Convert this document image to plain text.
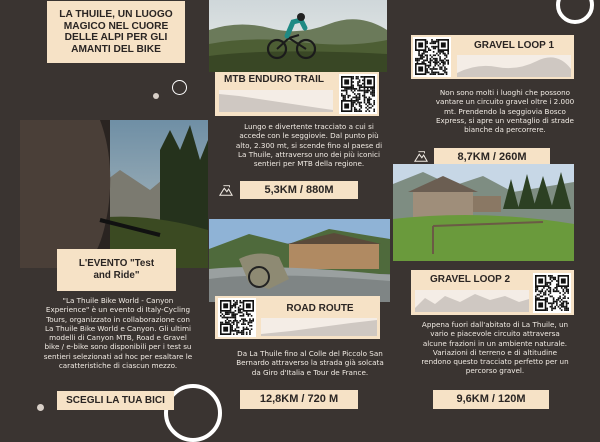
LA THUILE, UN LUOGO MAGICO NEL CUORE DELLE ALPI PER GLI AMANTI DEL BIKE
MTB ENDURO TRAIL
Lungo e divertente tracciato a cui si accede con le seggiovie. Dal punto più alto, 2.300 mt, si scende fino al paese di La Thuile, attraverso uno dei più iconici sentieri per MTB della regione.
5,3KM / 880M
GRAVEL LOOP 1
Non sono molti i luoghi che possono vantare un circuito gravel oltre i 2.000 mt. Prendendo la seggiovia Bosco Express, si apre un ventaglio di strade bianche da percorrere.
8,7KM / 260M
L'EVENTO "Test and Ride"
"La Thuile Bike World - Canyon Experience" è un evento di Italy-Cycling Tours, organizzato in collaborazione con La Thuile Bike World e Canyon. Gli ultimi modelli di Canyon MTB, Road e Gravel bike / e-bike sono disponibili per i test su sentieri selezionati ad hoc per esaltare le caratteristiche di ciascun mezzo.
SCEGLI LA TUA BICI
ROAD ROUTE
Da La Thuile fino al Colle del Piccolo San Bernardo attraverso la strada già solcata da Giro d'Italia e Tour de France.
12,8KM / 720 M
GRAVEL LOOP 2
Appena fuori dall'abitato di La Thuile, un vario e piacevole circuito attraversa alcune frazioni in un ambiente naturale. Variazioni di terreno e di altitudine rendono questo tracciato perfetto per un percorso gravel.
9,6KM / 120M
